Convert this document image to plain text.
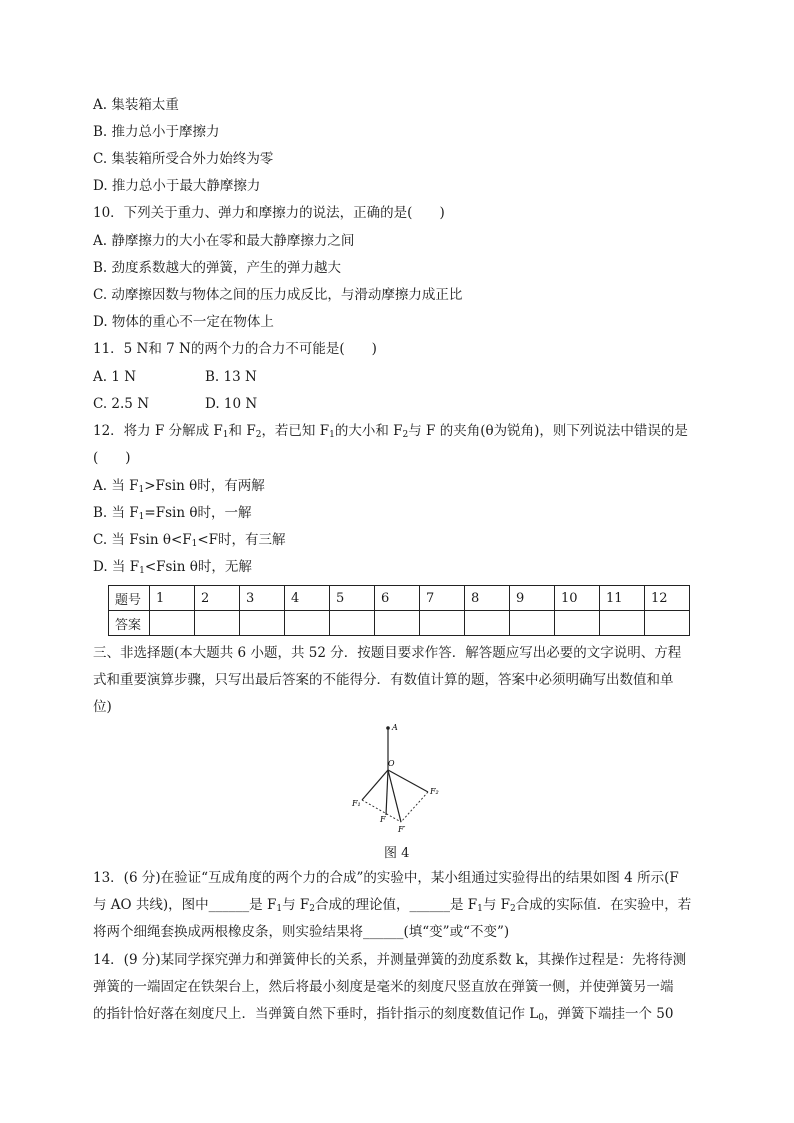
A. 集装箱太重
B. 推力总小于摩擦力
C. 集装箱所受合外力始终为零
D. 推力总小于最大静摩擦力
10．下列关于重力、弹力和摩擦力的说法，正确的是(　　)
A. 静摩擦力的大小在零和最大静摩擦力之间
B. 劲度系数越大的弹簧，产生的弹力越大
C. 动摩擦因数与物体之间的压力成反比，与滑动摩擦力成正比
D. 物体的重心不一定在物体上
11．5 N和 7 N的两个力的合力不可能是(　　)
A. 1 N	B. 13 N
C. 2.5 N	D. 10 N
12．将力 F 分解成 $F_1$和 $F_2$，若已知 $F_1$的大小和 $F_2$与 F 的夹角(θ为锐角)，则下列说法中错误的是
(　　)
A. 当 $F_1>Fsin$ θ时，有两解
B. 当 $F_1=Fsin$ θ时，一解
C. 当 Fsin $\theta<F_1<F$时，有三解
D. 当 $F_1<Fsin$ θ时，无解
题号	1	2	3	4	5	6	7	8	9	10	11	12
答案												
三、非选择题(本大题共 6 小题，共 52 分．按题目要求作答．解答题应写出必要的文字说明、方程式和重要演算步骤，只写出最后答案的不能得分．有数值计算的题，答案中必须明确写出数值和单位)
A
O
F₁
F₂
F
F′
图 4
13．(6 分)在验证“互成角度的两个力的合成”的实验中，某小组通过实验得出的结果如图 4 所示(F
与 AO 共线)，图中______是 $F_1$与 $F_2$合成的理论值，______是 $F_1$与 $F_2$合成的实际值．在实验中，若
将两个细绳套换成两根橡皮条，则实验结果将______(填“变”或“不变”)
14．(9 分)某同学探究弹力和弹簧伸长的关系，并测量弹簧的劲度系数 k，其操作过程是：先将待测
弹簧的一端固定在铁架台上，然后将最小刻度是毫米的刻度尺竖直放在弹簧一侧，并使弹簧另一端
的指针恰好落在刻度尺上．当弹簧自然下垂时，指针指示的刻度数值记作 $L_0$，弹簧下端挂一个 50
